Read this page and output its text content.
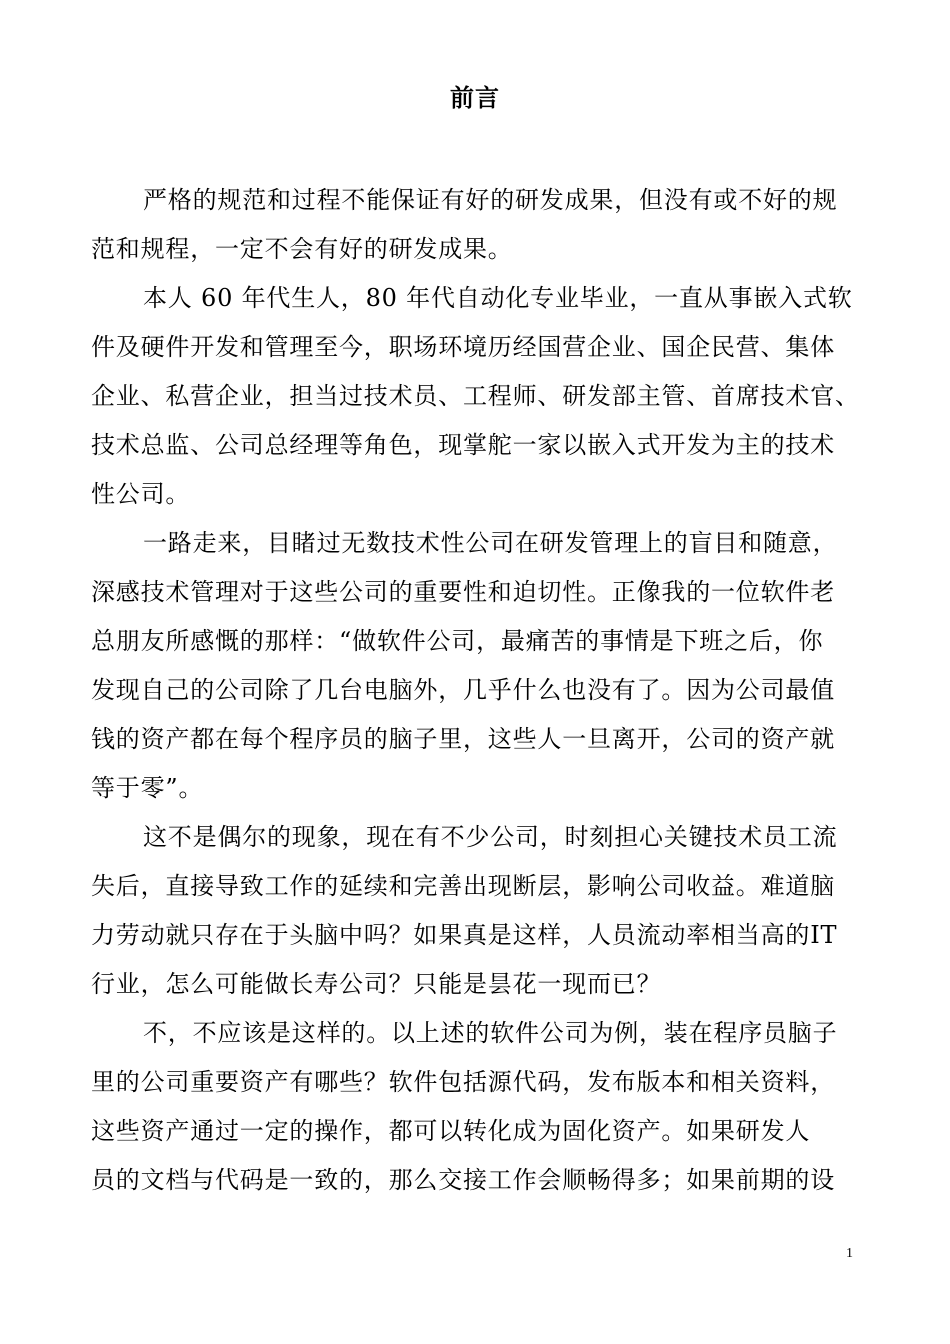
前言
严格的规范和过程不能保证有好的研发成果，但没有或不好的规
范和规程，一定不会有好的研发成果。
本人 60 年代生人，80 年代自动化专业毕业，一直从事嵌入式软
件及硬件开发和管理至今，职场环境历经国营企业、国企民营、集体
企业、私营企业，担当过技术员、工程师、研发部主管、首席技术官、
技术总监、公司总经理等角色，现掌舵一家以嵌入式开发为主的技术
性公司。
一路走来，目睹过无数技术性公司在研发管理上的盲目和随意，
深感技术管理对于这些公司的重要性和迫切性。正像我的一位软件老
总朋友所感慨的那样：“做软件公司，最痛苦的事情是下班之后，你
发现自己的公司除了几台电脑外，几乎什么也没有了。因为公司最值
钱的资产都在每个程序员的脑子里，这些人一旦离开，公司的资产就
等于零”。
这不是偶尔的现象，现在有不少公司，时刻担心关键技术员工流
失后，直接导致工作的延续和完善出现断层，影响公司收益。难道脑
力劳动就只存在于头脑中吗？如果真是这样，人员流动率相当高的IT
行业，怎么可能做长寿公司？只能是昙花一现而已？
不，不应该是这样的。以上述的软件公司为例，装在程序员脑子
里的公司重要资产有哪些？软件包括源代码，发布版本和相关资料，
这些资产通过一定的操作，都可以转化成为固化资产。如果研发人
员的文档与代码是一致的，那么交接工作会顺畅得多；如果前期的设
1
